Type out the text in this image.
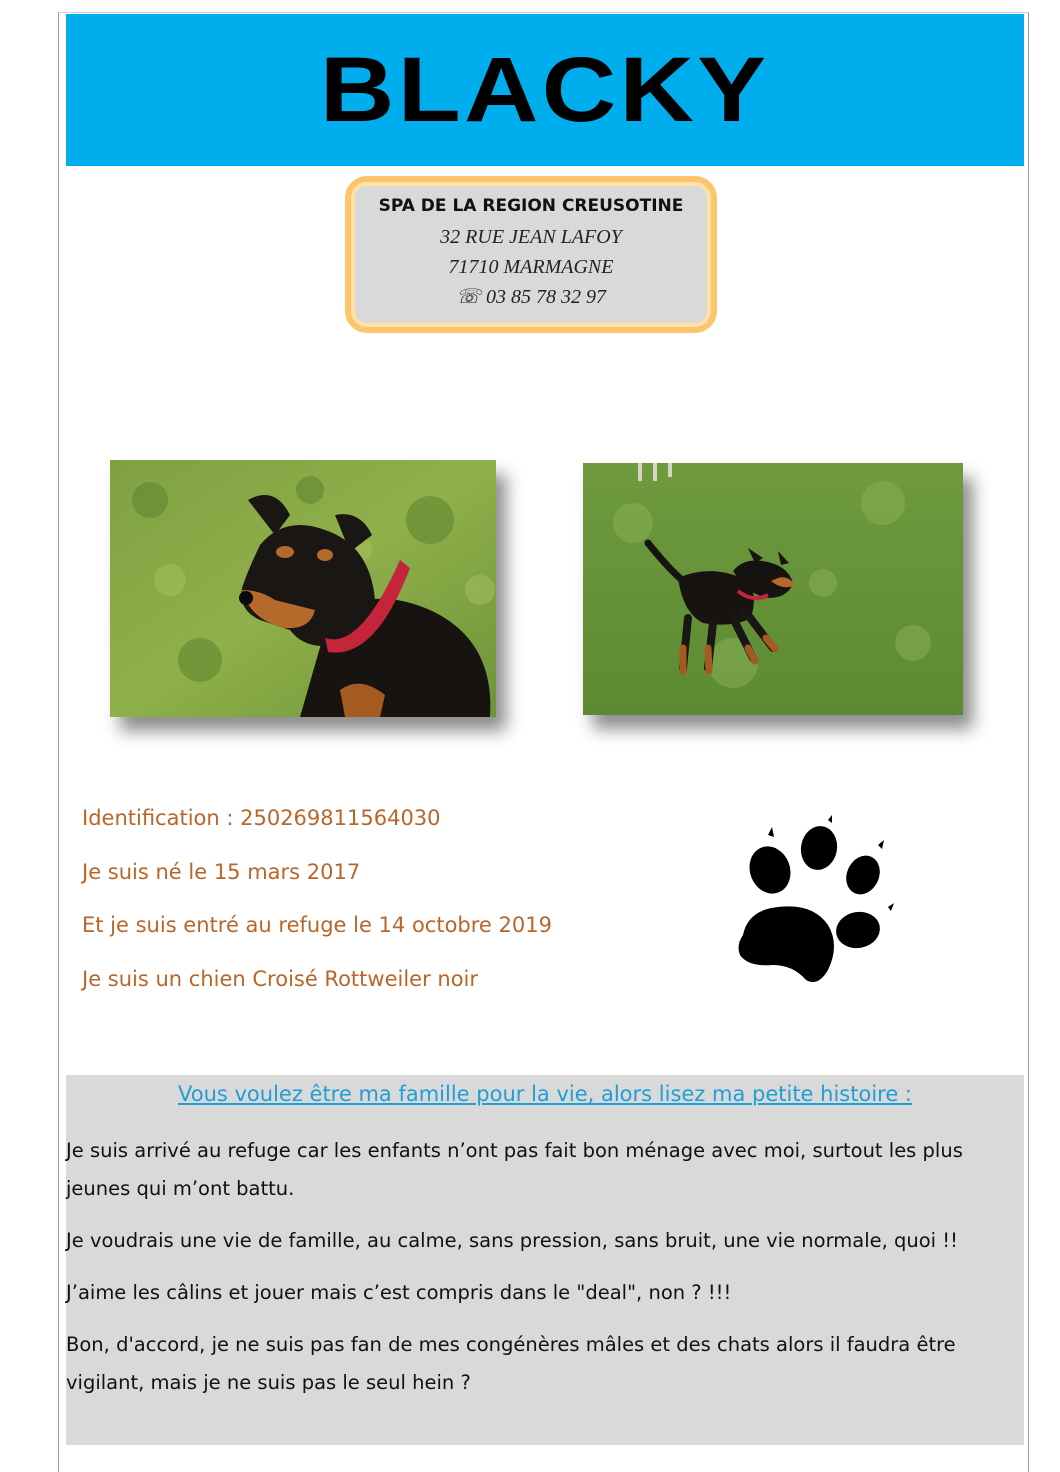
BLACKY
SPA DE LA REGION CREUSOTINE
32 RUE JEAN LAFOY
71710 MARMAGNE
☏ 03 85 78 32 97
Identification : 250269811564030
Je suis né le 15 mars 2017
Et je suis entré au refuge le 14 octobre 2019
Je suis un chien Croisé Rottweiler noir
Vous voulez être ma famille pour la vie, alors lisez ma petite histoire :

Je suis arrivé au refuge car les enfants n’ont pas fait bon ménage avec moi, surtout les plus jeunes qui m’ont battu.

Je voudrais une vie de famille, au calme, sans pression, sans bruit, une vie normale, quoi !!

J’aime les câlins et jouer mais c’est compris dans le "deal", non ? !!!

Bon, d'accord, je ne suis pas fan de mes congénères mâles et des chats alors il faudra être vigilant, mais je ne suis pas le seul hein ?
